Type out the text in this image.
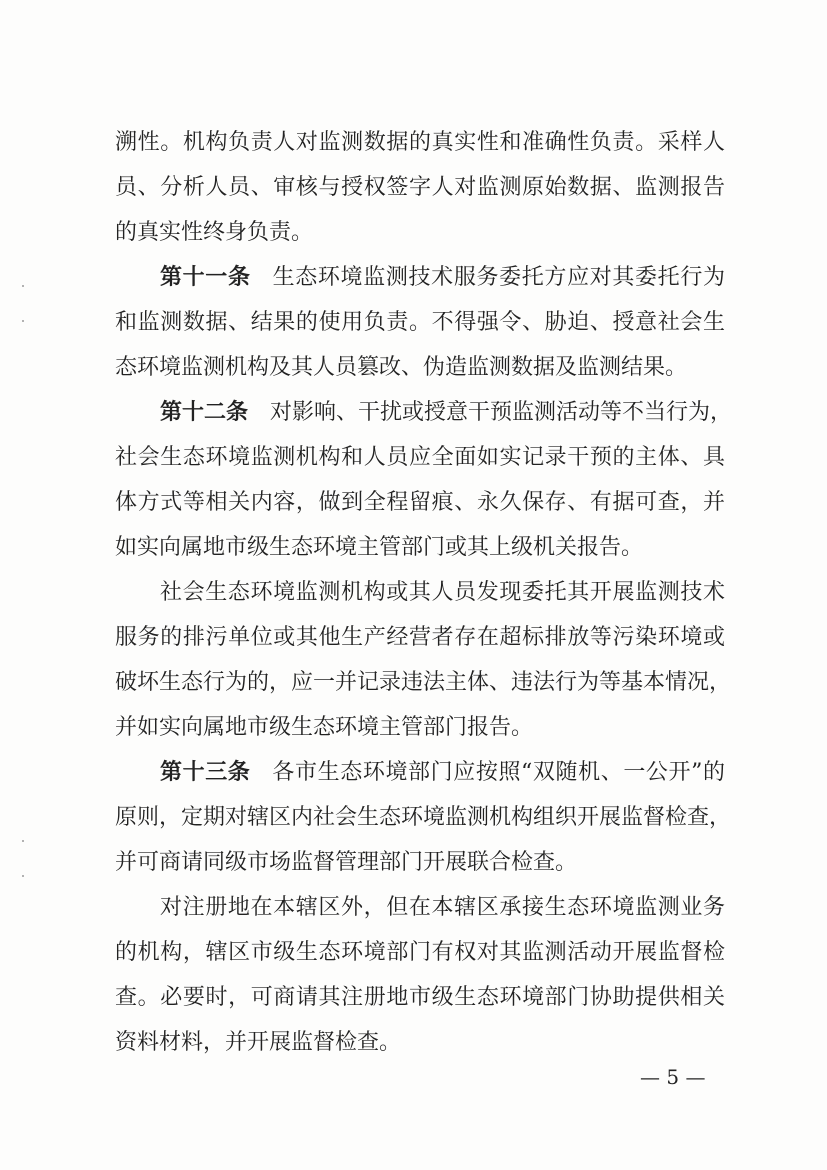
溯性。机构负责人对监测数据的真实性和准确性负责。采样人
员、分析人员、审核与授权签字人对监测原始数据、监测报告
的真实性终身负责。
第十一条 生态环境监测技术服务委托方应对其委托行为
和监测数据、结果的使用负责。不得强令、胁迫、授意社会生
态环境监测机构及其人员篡改、伪造监测数据及监测结果。
第十二条 对影响、干扰或授意干预监测活动等不当行为，
社会生态环境监测机构和人员应全面如实记录干预的主体、具
体方式等相关内容，做到全程留痕、永久保存、有据可查，并
如实向属地市级生态环境主管部门或其上级机关报告。
社会生态环境监测机构或其人员发现委托其开展监测技术
服务的排污单位或其他生产经营者存在超标排放等污染环境或
破坏生态行为的，应一并记录违法主体、违法行为等基本情况，
并如实向属地市级生态环境主管部门报告。
第十三条 各市生态环境部门应按照“双随机、一公开”的
原则，定期对辖区内社会生态环境监测机构组织开展监督检查，
并可商请同级市场监督管理部门开展联合检查。
对注册地在本辖区外，但在本辖区承接生态环境监测业务
的机构，辖区市级生态环境部门有权对其监测活动开展监督检
查。必要时，可商请其注册地市级生态环境部门协助提供相关
资料材料，并开展监督检查。
— 5 —
